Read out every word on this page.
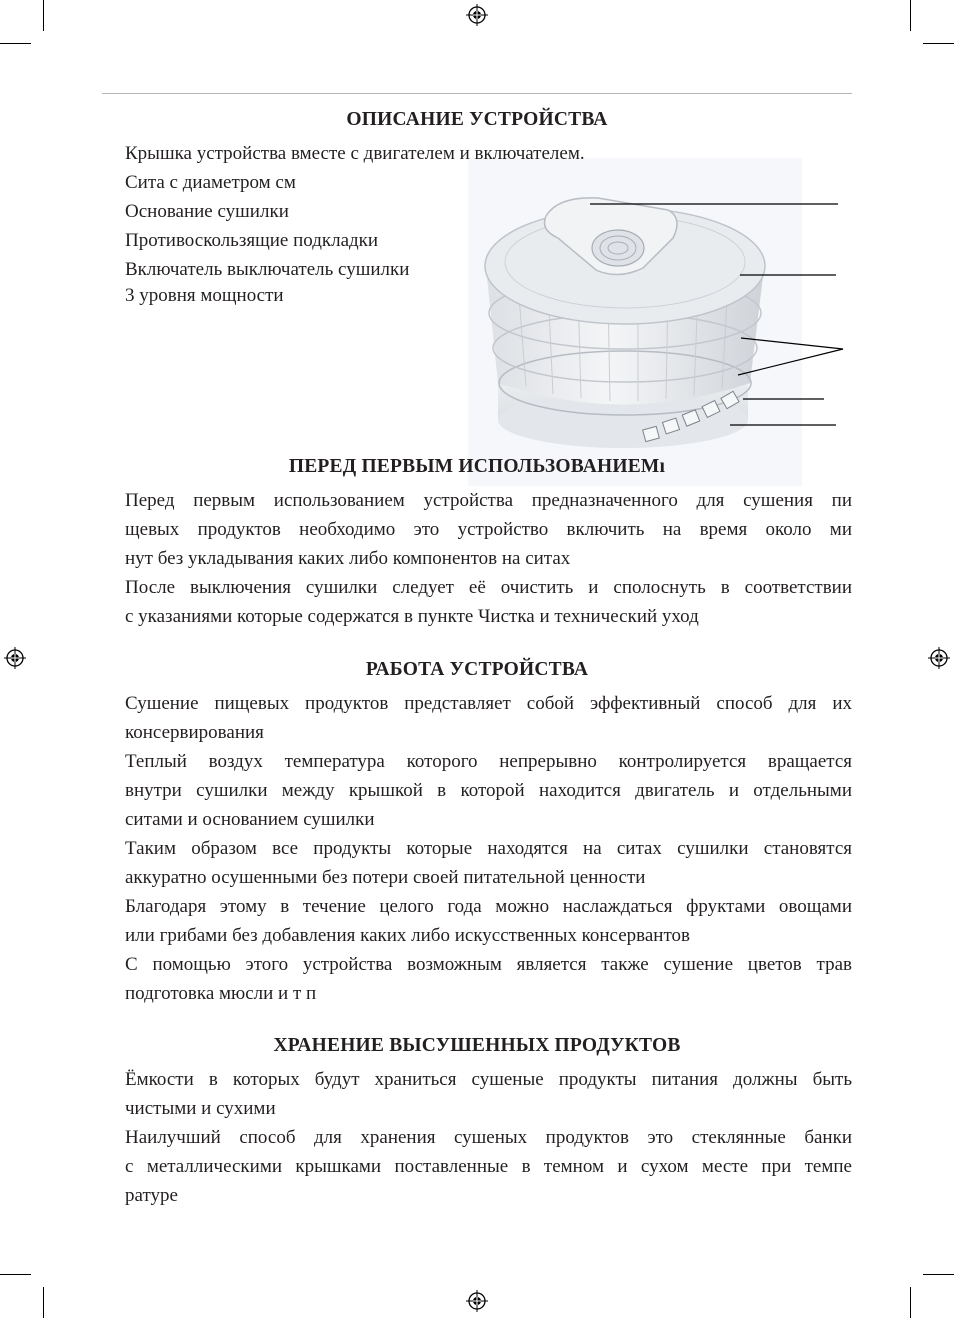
ОПИСАНИЕ УСТРОЙСТВА
Крышка устройства вместе с двигателем и включателем.
Сита с диаметром см
Основание сушилки
Противоскользящие подкладки
Включатель выключатель сушилки
3 уровня мощности
ПЕРЕД ПЕРВЫМ ИСПОЛЬЗОВАНИЕМı
Перед первым использованием устройства предназначенного для сушения пи
щевых продуктов необходимо это устройство включить на время около ми
нут без укладывания каких либо компонентов на ситах
После выключения сушилки следует её очистить и сполоснуть в соответствии
с указаниями которые содержатся в пункте Чистка и технический уход
РАБОТА УСТРОЙСТВА
Сушение пищевых продуктов представляет собой эффективный способ для их
консервирования
Теплый воздух температура которого непрерывно контролируется вращается
внутри сушилки между крышкой в которой находится двигатель и отдельными
ситами и основанием сушилки
Таким образом все продукты которые находятся на ситах сушилки становятся
аккуратно осушенными без потери своей питательной ценности
Благодаря этому в течение целого года можно наслаждаться фруктами овощами
или грибами без добавления каких либо искусственных консервантов
С помощью этого устройства возможным является также сушение цветов трав
подготовка мюсли и т п
ХРАНЕНИЕ ВЫСУШЕННЫХ ПРОДУКТОВ
Ёмкости в которых будут храниться сушеные продукты питания должны быть
чистыми и сухими
Наилучший способ для хранения сушеных продуктов это стеклянные банки
с металлическими крышками поставленные в темном и сухом месте при темпе
ратуре
